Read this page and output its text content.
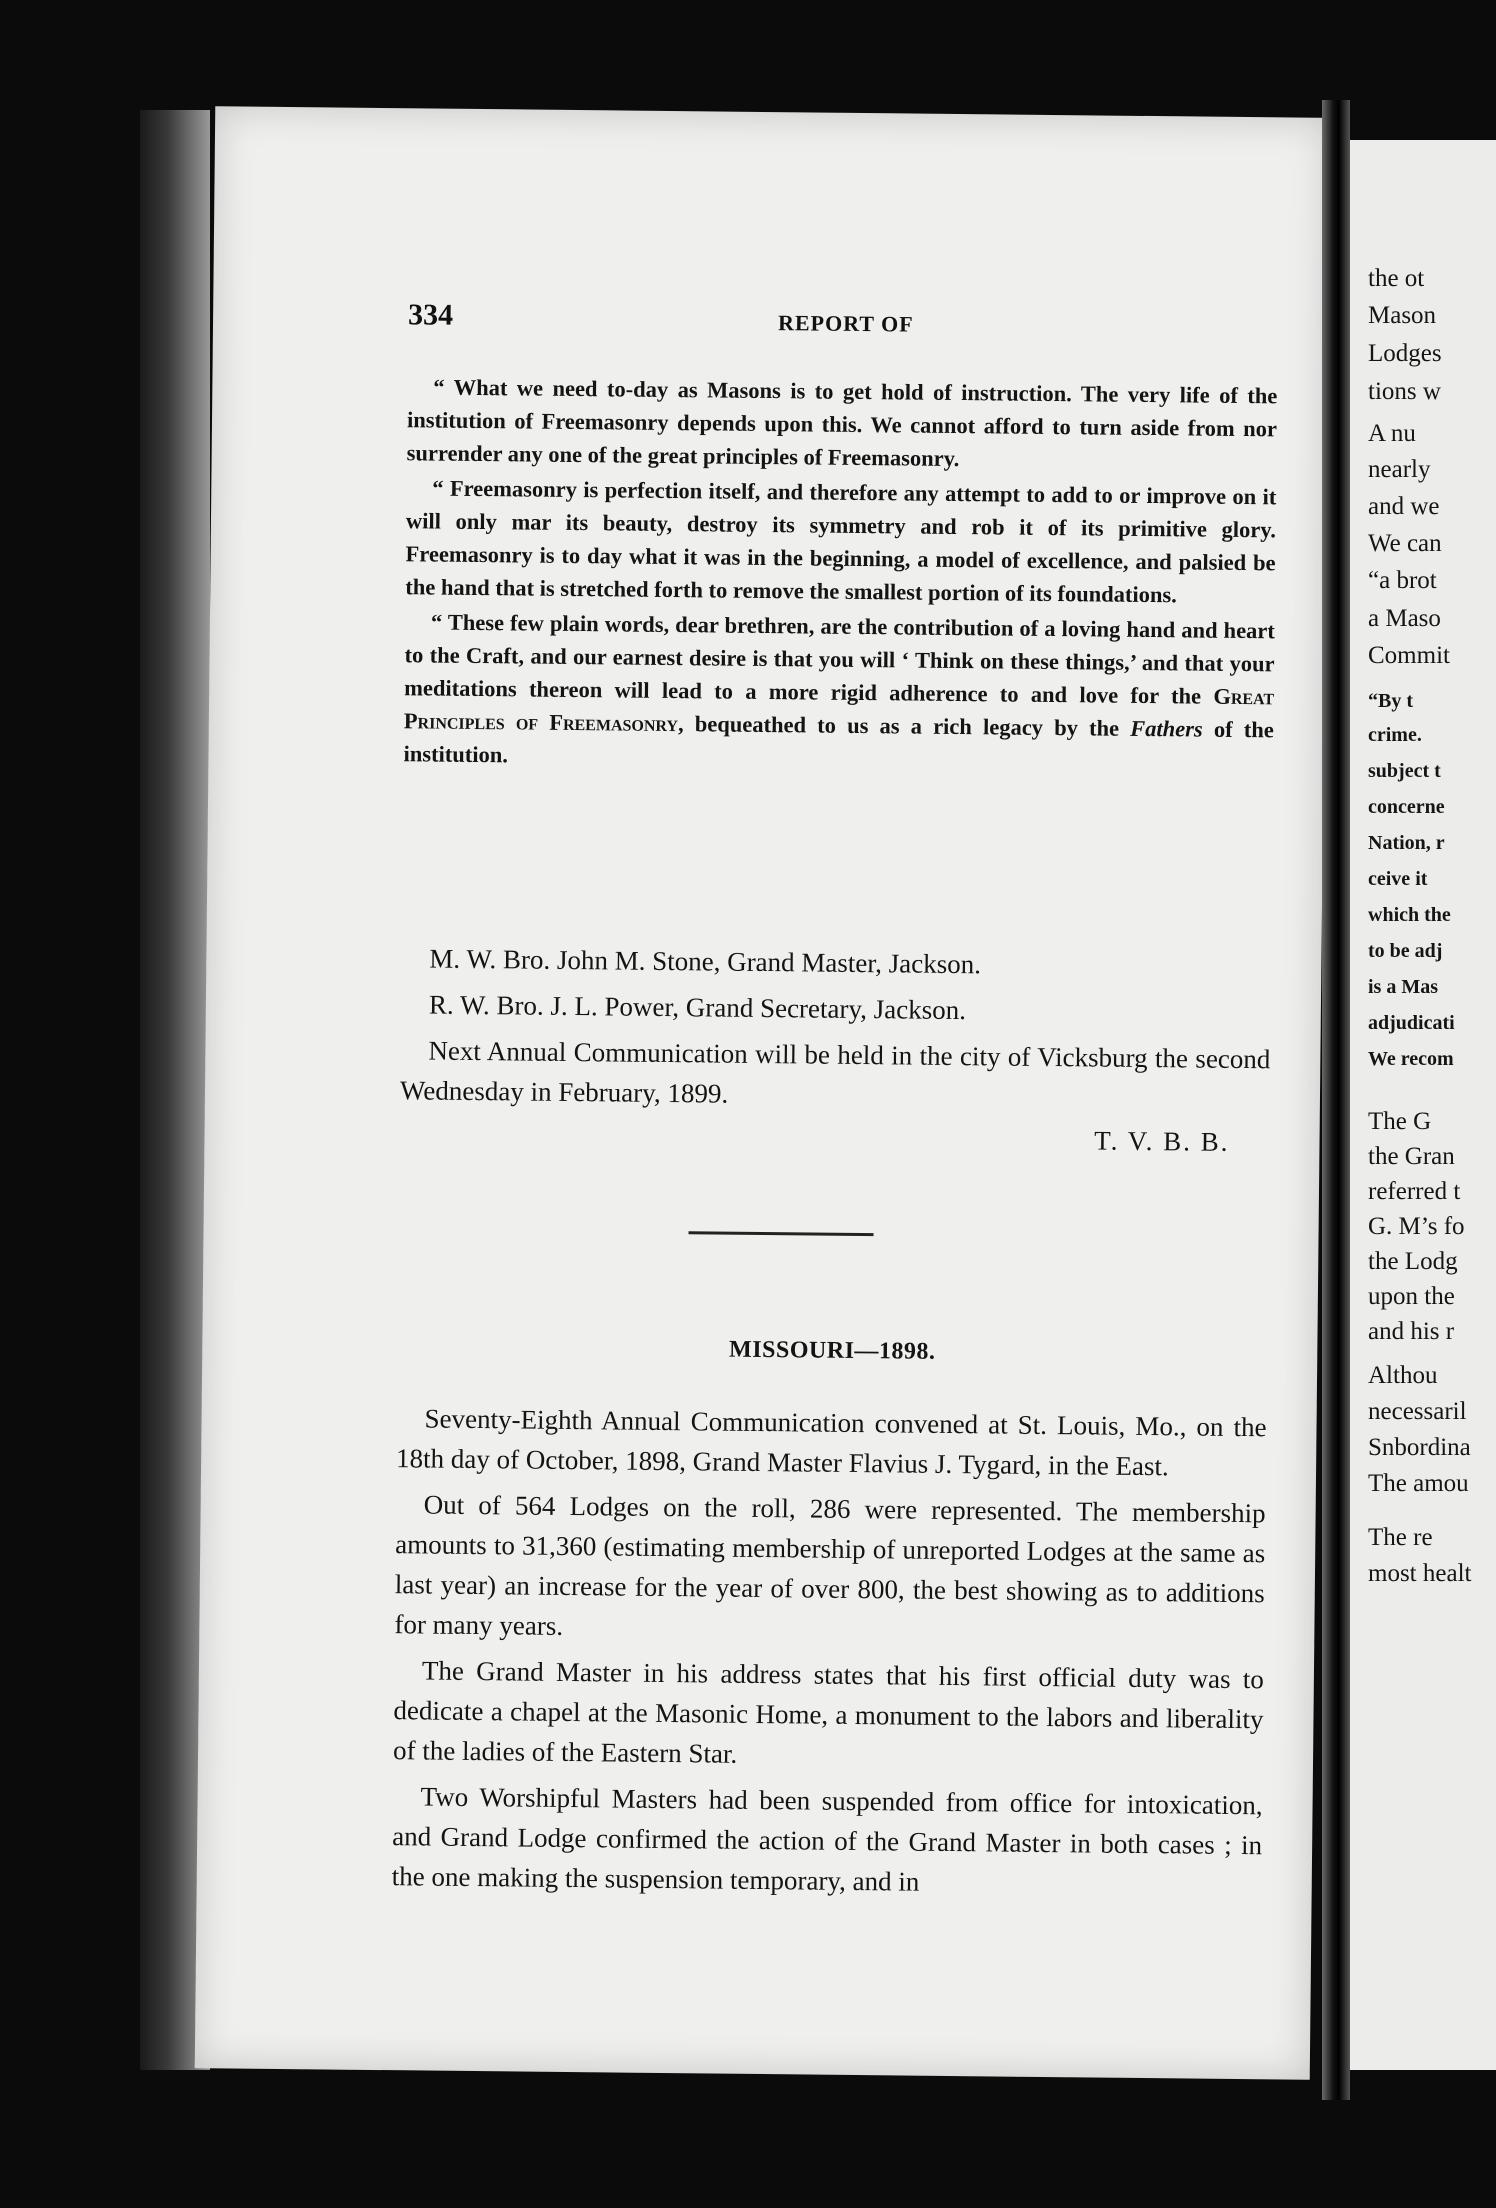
334	REPORT OF

“ What we need to-day as Masons is to get hold of instruction. The very life of the institution of Freemasonry depends upon this. We cannot afford to turn aside from nor surrender any one of the great principles of Freemasonry.

“ Freemasonry is perfection itself, and therefore any attempt to add to or improve on it will only mar its beauty, destroy its symmetry and rob it of its primitive glory. Freemasonry is to day what it was in the beginning, a model of excellence, and palsied be the hand that is stretched forth to remove the smallest portion of its foundations.

“ These few plain words, dear brethren, are the contribution of a loving hand and heart to the Craft, and our earnest desire is that you will ‘ Think on these things,’ and that your meditations thereon will lead to a more rigid adherence to and love for the Great Principles of Freemasonry, bequeathed to us as a rich legacy by the Fathers of the institution.

M. W. Bro. John M. Stone, Grand Master, Jackson.

R. W. Bro. J. L. Power, Grand Secretary, Jackson.

Next Annual Communication will be held in the city of Vicksburg the second Wednesday in February, 1899.

T. V. B. B.
MISSOURI—1898.

Seventy-Eighth Annual Communication convened at St. Louis, Mo., on the 18th day of October, 1898, Grand Master Flavius J. Tygard, in the East.

Out of 564 Lodges on the roll, 286 were represented. The membership amounts to 31,360 (estimating membership of unreported Lodges at the same as last year) an increase for the year of over 800, the best showing as to additions for many years.

The Grand Master in his address states that his first official duty was to dedicate a chapel at the Masonic Home, a monument to the labors and liberality of the ladies of the Eastern Star.

Two Worshipful Masters had been suspended from office for intoxication, and Grand Lodge confirmed the action of the Grand Master in both cases ; in the one making the suspension temporary, and in

the ot
Mason
Lodges
tions w
A nu
nearly
and we
We can
“a brot
a Maso
Commit
“By t
crime.
subject t
concerne
Nation, r
ceive it
which the
to be adj
is a Mas
adjudicati
We recom
The G
the Gran
referred t
G. M’s fo
the Lodg
upon the
and his r
Althou
necessaril
Snbordina
The amou
The re
most healt
